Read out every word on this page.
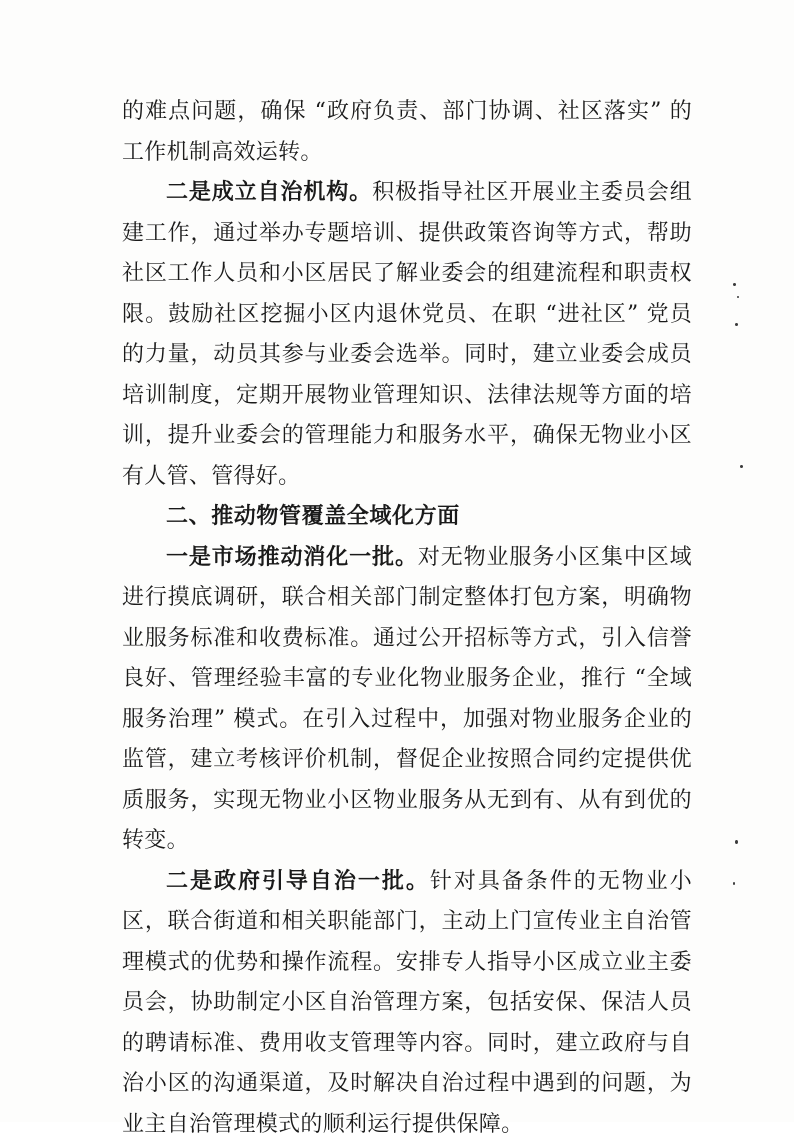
的难点问题，确保 “政府负责、部门协调、社区落实” 的工作机制高效运转。

二是成立自治机构。积极指导社区开展业主委员会组建工作，通过举办专题培训、提供政策咨询等方式，帮助社区工作人员和小区居民了解业委会的组建流程和职责权限。鼓励社区挖掘小区内退休党员、在职 “进社区” 党员的力量，动员其参与业委会选举。同时，建立业委会成员培训制度，定期开展物业管理知识、法律法规等方面的培训，提升业委会的管理能力和服务水平，确保无物业小区有人管、管得好。

二、推动物管覆盖全域化方面

一是市场推动消化一批。对无物业服务小区集中区域进行摸底调研，联合相关部门制定整体打包方案，明确物业服务标准和收费标准。通过公开招标等方式，引入信誉良好、管理经验丰富的专业化物业服务企业，推行 “全域服务治理” 模式。在引入过程中，加强对物业服务企业的监管，建立考核评价机制，督促企业按照合同约定提供优质服务，实现无物业小区物业服务从无到有、从有到优的转变。

二是政府引导自治一批。针对具备条件的无物业小区，联合街道和相关职能部门，主动上门宣传业主自治管理模式的优势和操作流程。安排专人指导小区成立业主委员会，协助制定小区自治管理方案，包括安保、保洁人员的聘请标准、费用收支管理等内容。同时，建立政府与自治小区的沟通渠道，及时解决自治过程中遇到的问题，为业主自治管理模式的顺利运行提供保障。
